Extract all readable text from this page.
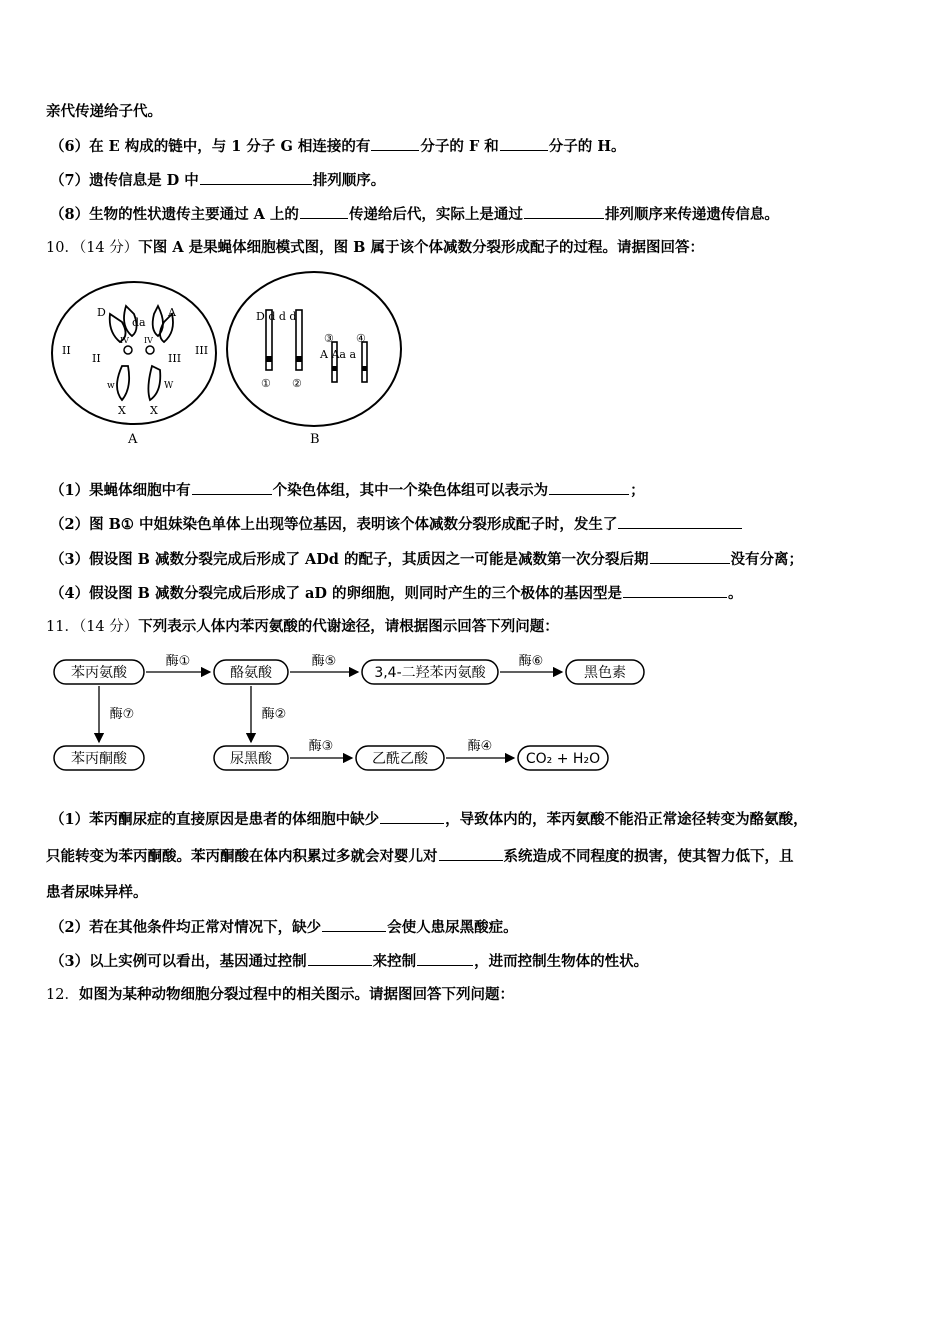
亲代传递给子代。
（6）在 E 构成的链中，与 1 分子 G 相连接的有	分子的 F 和	分子的 H。
（7）遗传信息是 D 中	排列顺序。
（8）生物的性状遗传主要通过 A 上的	传递给后代，实际上是通过	排列顺序来传递遗传信息。
10．（14 分）下图 A 是果蝇体细胞模式图，图 B 属于该个体减数分裂形成配子的过程。请据图回答：
D	A
da
II
II	III
III
IV IV
w	W
X X
A
D d d d
③ ④
A Aa a
① ②
B
（1）果蝇体细胞中有	个染色体组，其中一个染色体组可以表示为	；
（2）图 B① 中姐妹染色单体上出现等位基因，表明该个体减数分裂形成配子时，发生了
（3）假设图 B 减数分裂完成后形成了 ADd 的配子，其质因之一可能是减数第一次分裂后期	没有分离；
（4）假设图 B 减数分裂完成后形成了 aD 的卵细胞，则同时产生的三个极体的基因型是	。
11．（14 分）下列表示人体内苯丙氨酸的代谢途径，请根据图示回答下列问题：
苯丙氨酸	酪氨酸	3,4-二羟苯丙氨酸	黑色素
苯丙酮酸	尿黑酸	乙酰乙酸	CO₂ + H₂O
酶①	酶⑤	酶⑥
酶⑦	酶②
酶③	酶④
（1）苯丙酮尿症的直接原因是患者的体细胞中缺少	，导致体内的，苯丙氨酸不能沿正常途径转变为酪氨酸，
只能转变为苯丙酮酸。苯丙酮酸在体内积累过多就会对婴儿对	系统造成不同程度的损害，使其智力低下，且
患者尿味异样。
（2）若在其他条件均正常对情况下，缺少	会使人患尿黑酸症。
（3）以上实例可以看出，基因通过控制	来控制	，进而控制生物体的性状。
12．如图为某种动物细胞分裂过程中的相关图示。请据图回答下列问题：
